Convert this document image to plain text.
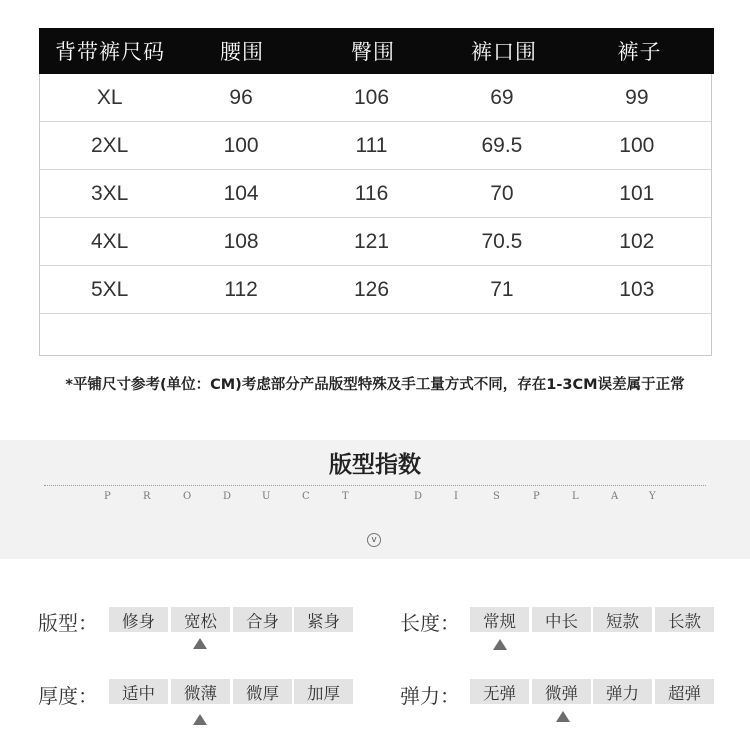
背带裤尺码	腰围	臀围	裤口围	裤子
XL	96	106	69	99
2XL	100	111	69.5	100
3XL	104	116	70	101
4XL	108	121	70.5	102
5XL	112	126	71	103
*平铺尺寸参考(单位：CM)考虑部分产品版型特殊及手工量方式不同，存在1-3CM误差属于正常
版型指数
P	R	O	D	U	C	T	D	I	S	P	L	A	Y
v
版型：	修身	宽松	合身	紧身	长度：	常规	中长	短款	长款
厚度：	适中	微薄	微厚	加厚	弹力：	无弹	微弹	弹力	超弹
